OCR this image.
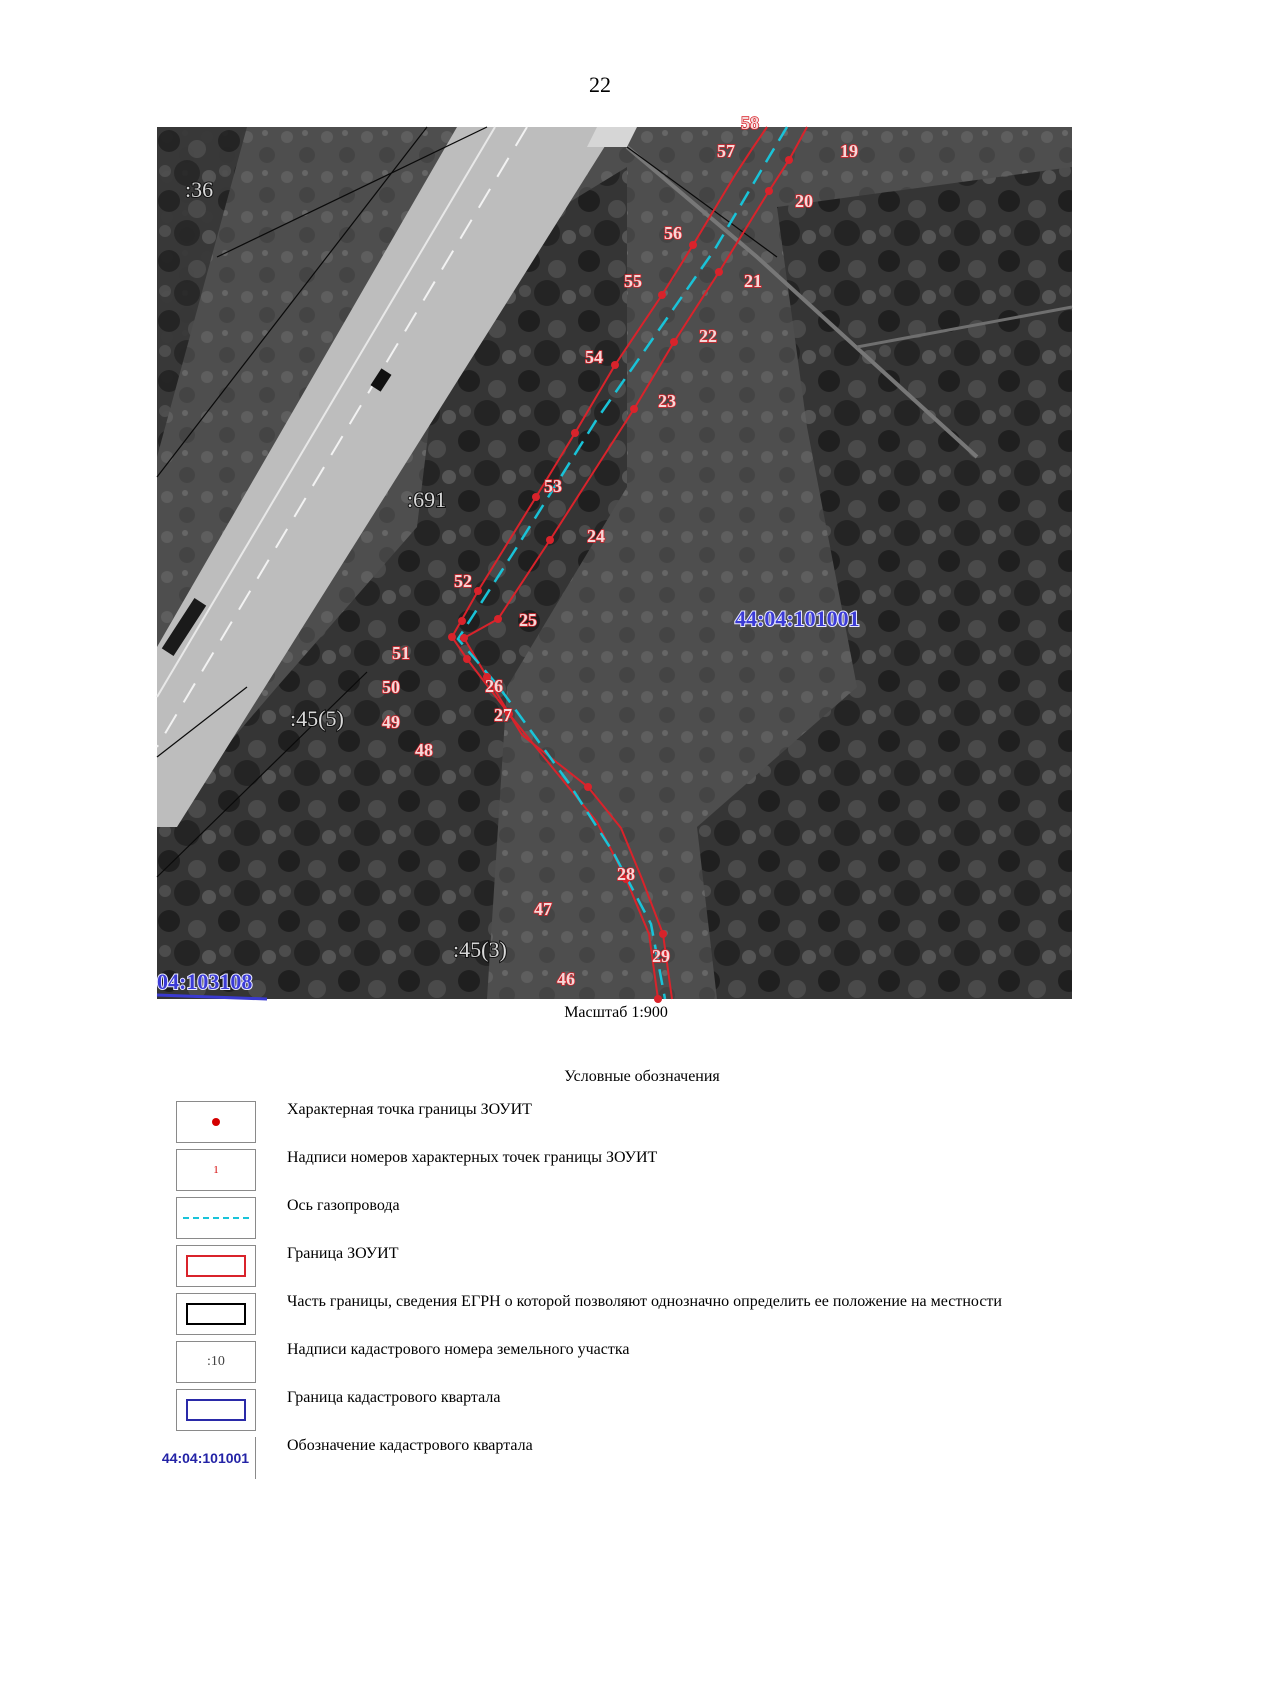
22
57
56
55
54
53
52
51
50
49
48
47
46
19
20
21
22
23
24
25
26
27
28
29
58
:36
:691
:45(5)
:45(3)
44:04:101001
04:103108
Масштаб 1:900
Условные обозначения
Характерная точка границы ЗОУИТ
1
Надписи номеров характерных точек границы ЗОУИТ
Ось газопровода
Граница ЗОУИТ
Часть границы, сведения ЕГРН о которой позволяют однозначно определить ее положение на местности
:10
Надписи кадастрового номера земельного участка
Граница кадастрового квартала
44:04:101001
Обозначение кадастрового квартала
